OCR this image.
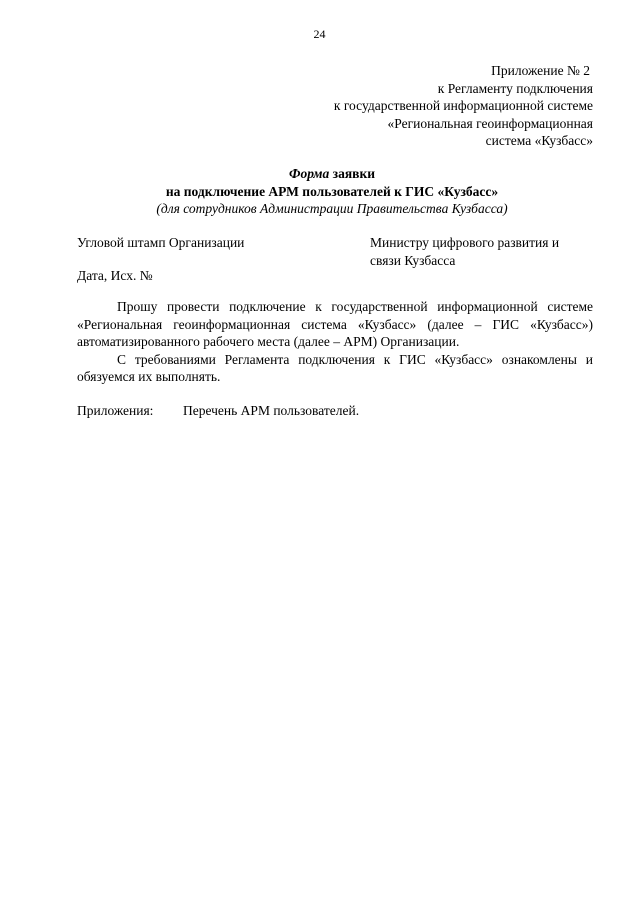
24
Приложение № 2
к Регламенту подключения
к государственной информационной системе
«Региональная геоинформационная
система «Кузбасс»
Форма заявки
на подключение АРМ пользователей к ГИС «Кузбасс»
(для сотрудников Администрации Правительства Кузбасса)
Угловой штамп Организации	Министру цифрового развития и
связи Кузбасса
Дата, Исх. №

Прошу провести подключение к государственной информационной системе «Региональная геоинформационная система «Кузбасс» (далее – ГИС «Кузбасс») автоматизированного рабочего места (далее – АРМ) Организации.

С требованиями Регламента подключения к ГИС «Кузбасс» ознакомлены и обязуемся их выполнять.

Приложения: Перечень АРМ пользователей.
